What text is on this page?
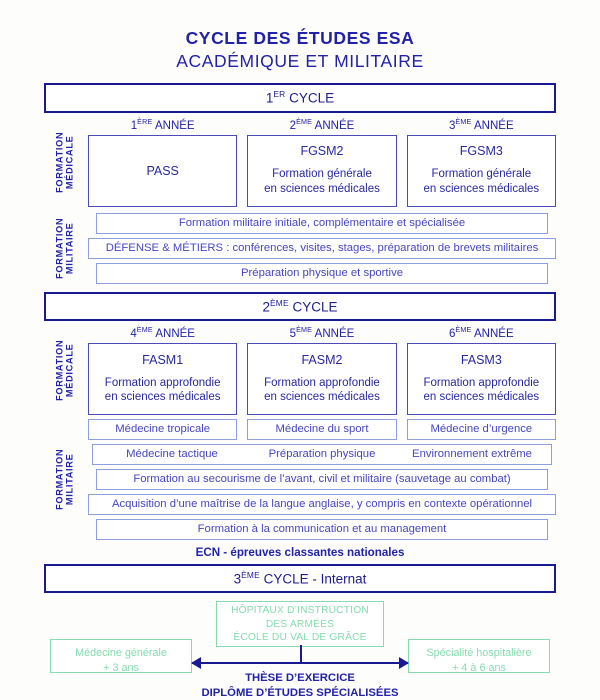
CYCLE DES ÉTUDES ESA
ACADÉMIQUE ET MILITAIRE
1ER CYCLE
FORMATION
MÉDICALE
1ÈRE ANNÉE	2ÈME ANNÉE	3ÈME ANNÉE
PASS
FGSM2
Formation générale
en sciences médicales
FGSM3
Formation générale
en sciences médicales
FORMATION
MILITAIRE	Formation militaire initiale, complémentaire et spécialisée
DÉFENSE & MÉTIERS : conférences, visites, stages, préparation de brevets militaires
Préparation physique et sportive
2ÈME CYCLE
FORMATION
MÉDICALE
4ÈME ANNÉE	5ÈME ANNÉE	6ÈME ANNÉE
FASM1
Formation approfondie
en sciences médicales
FASM2
Formation approfondie
en sciences médicales
FASM3
Formation approfondie
en sciences médicales
FORMATION
MILITAIRE
Médecine tropicale	Médecine du sport	Médecine d’urgence
Médecine tactique	Préparation physique	Environnement extrême
Formation au secourisme de l’avant, civil et militaire (sauvetage au combat)
Acquisition d’une maîtrise de la langue anglaise, y compris en contexte opérationnel
Formation à la communication et au management
ECN - épreuves classantes nationales
3ÈME CYCLE - Internat
HÔPITAUX D’INSTRUCTION
DES ARMÉES
ÉCOLE DU VAL DE GRÂCE
Médecine générale
+ 3 ans
Spécialité hospitalière
+ 4 à 6 ans
THÈSE D’EXERCICE
DIPLÔME D’ÉTUDES SPÉCIALISÉES
